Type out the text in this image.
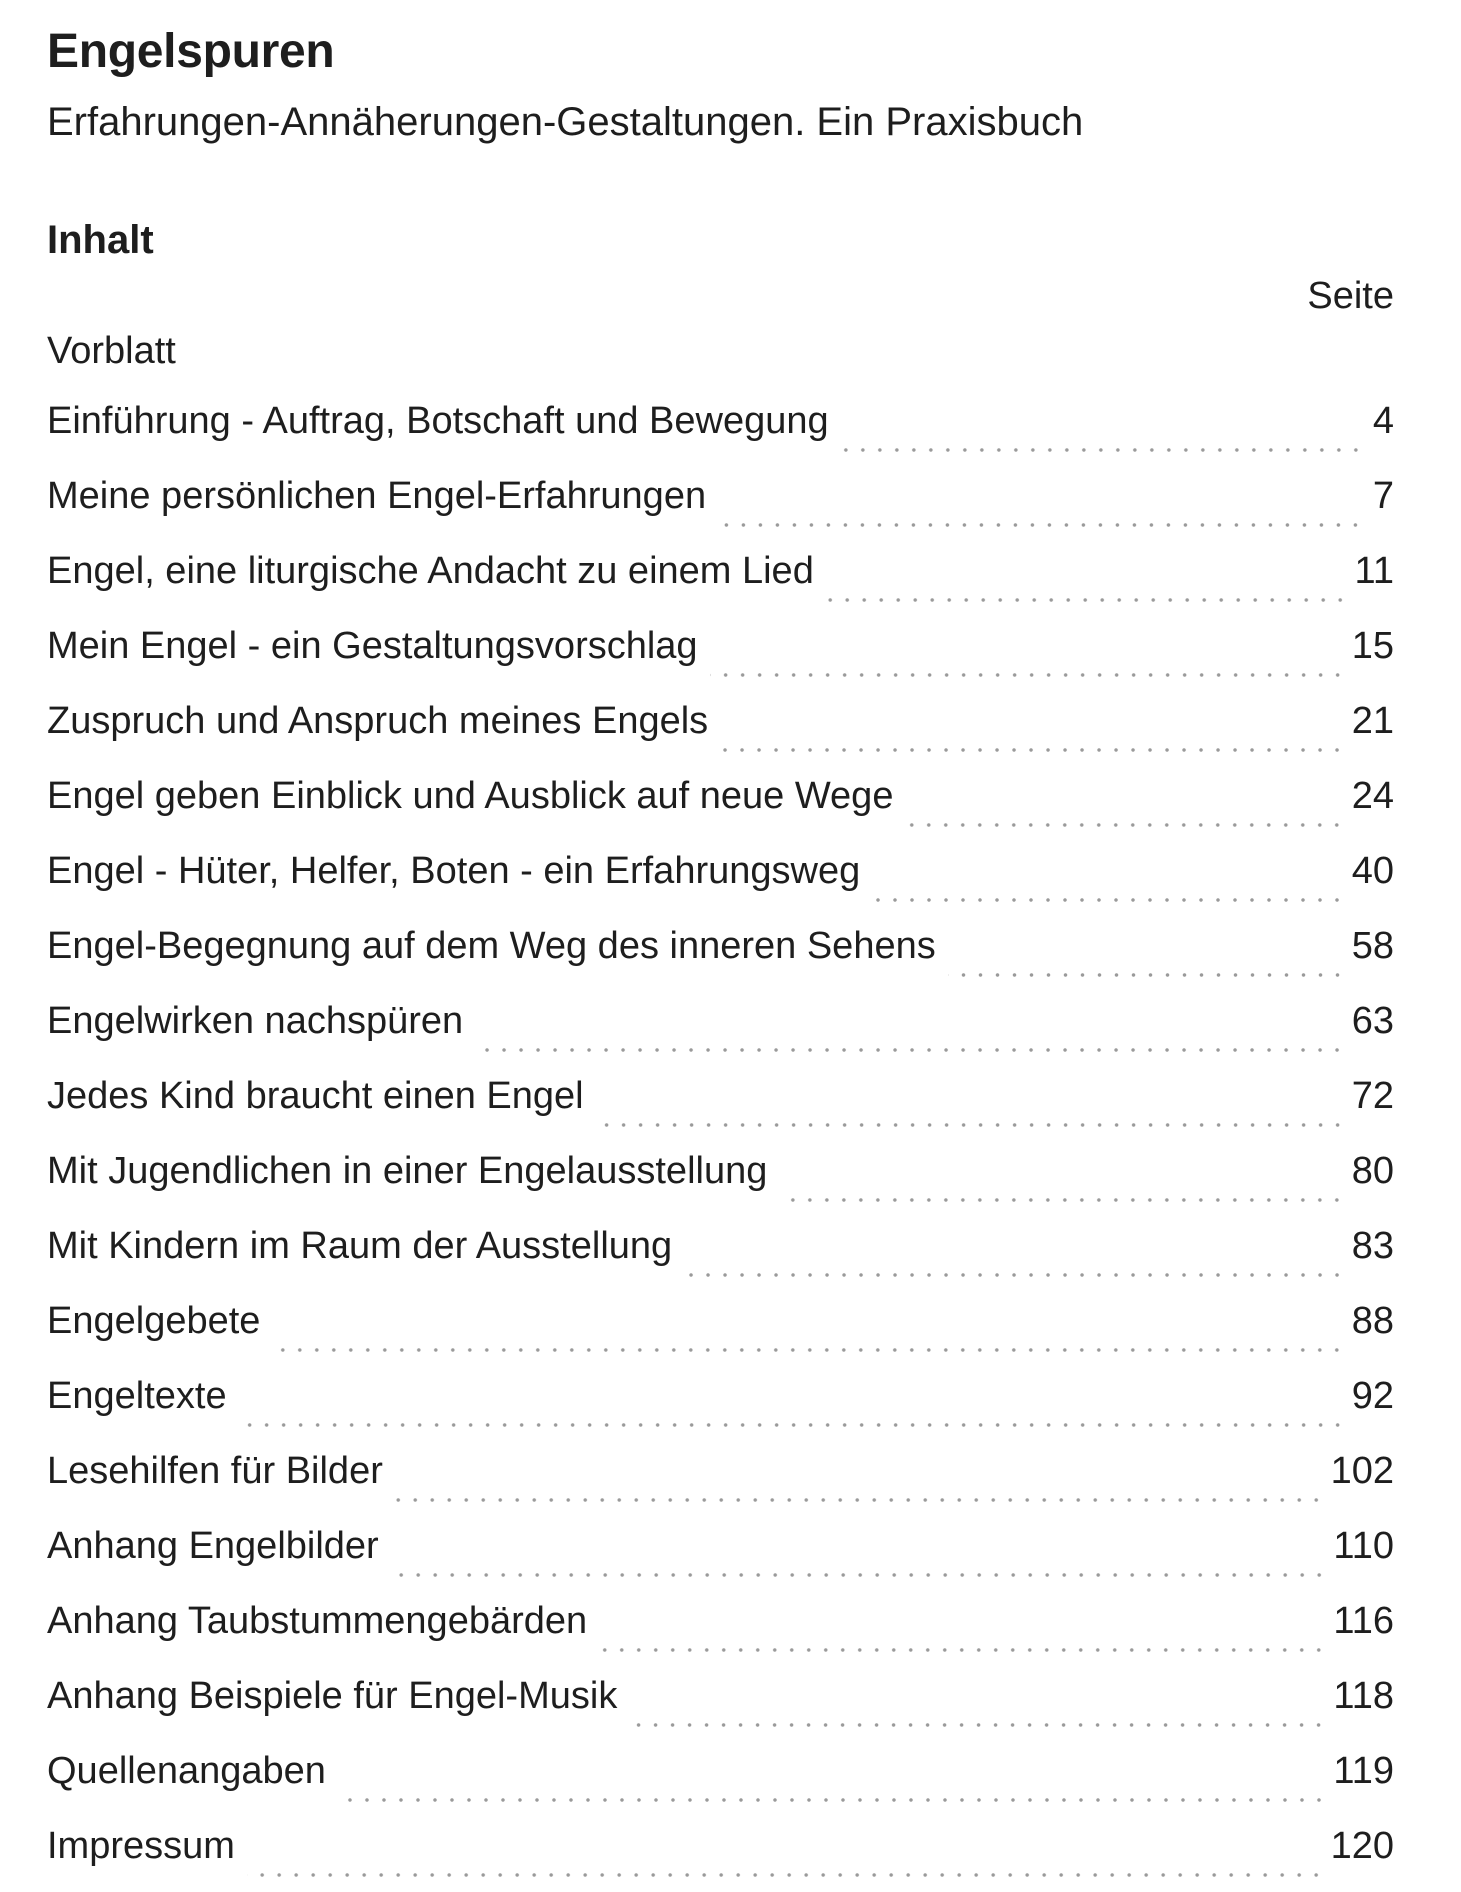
Engelspuren
Erfahrungen-Annäherungen-Gestaltungen. Ein Praxisbuch
Inhalt
Seite
Vorblatt
Einführung - Auftrag, Botschaft und Bewegung	4
Meine persönlichen Engel-Erfahrungen	7
Engel, eine liturgische Andacht zu einem Lied	11
Mein Engel - ein Gestaltungsvorschlag	15
Zuspruch und Anspruch meines Engels	21
Engel geben Einblick und Ausblick auf neue Wege	24
Engel - Hüter, Helfer, Boten - ein Erfahrungsweg	40
Engel-Begegnung auf dem Weg des inneren Sehens	58
Engelwirken nachspüren	63
Jedes Kind braucht einen Engel	72
Mit Jugendlichen in einer Engelausstellung	80
Mit Kindern im Raum der Ausstellung	83
Engelgebete	88
Engeltexte	92
Lesehilfen für Bilder	102
Anhang Engelbilder	110
Anhang Taubstummengebärden	116
Anhang Beispiele für Engel-Musik	118
Quellenangaben	119
Impressum	120
